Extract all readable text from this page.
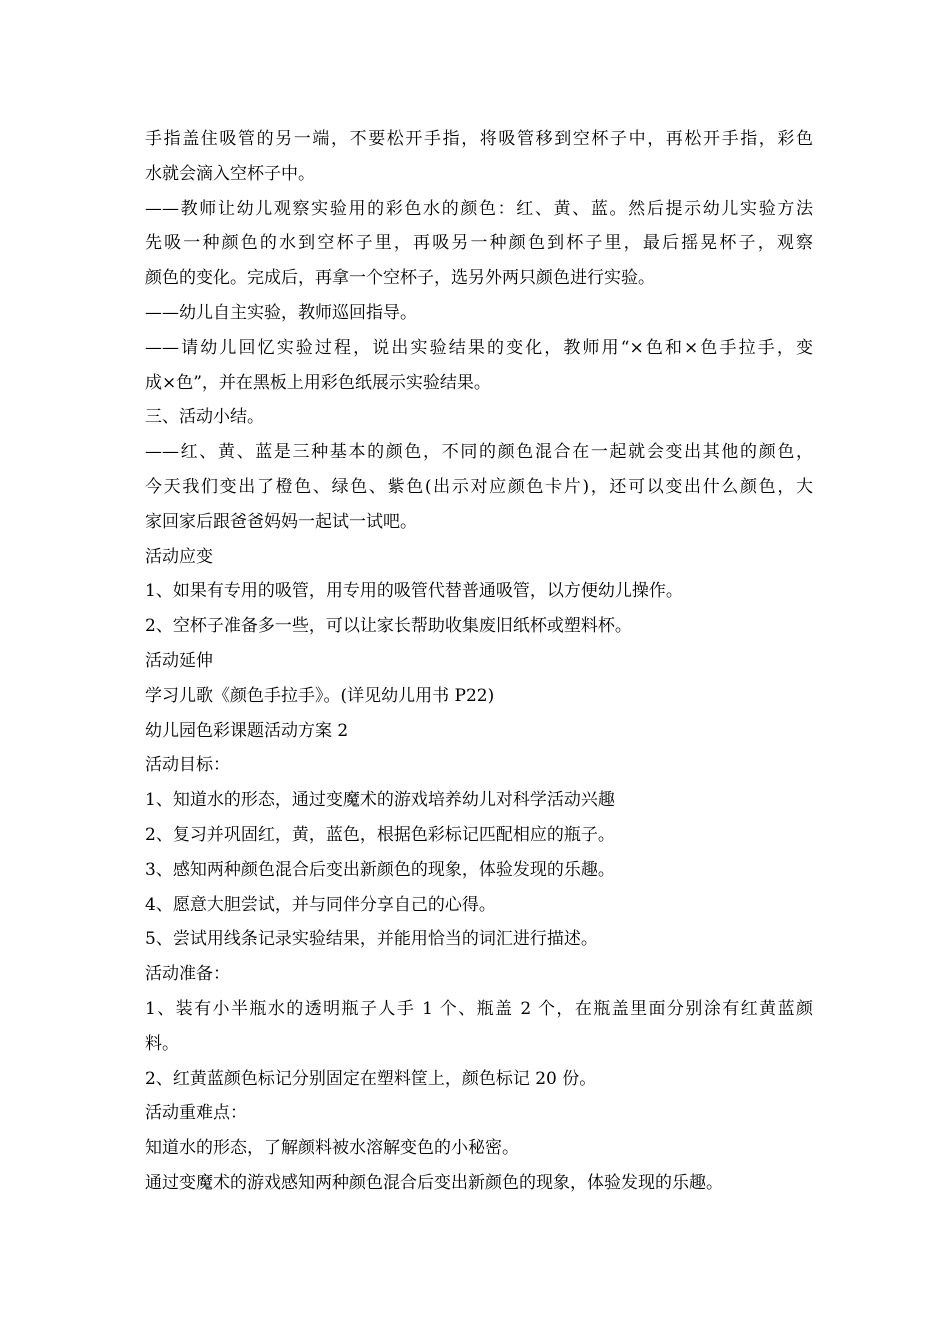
手指盖住吸管的另一端，不要松开手指，将吸管移到空杯子中，再松开手指，彩色
水就会滴入空杯子中。
——教师让幼儿观察实验用的彩色水的颜色：红、黄、蓝。然后提示幼儿实验方法
先吸一种颜色的水到空杯子里，再吸另一种颜色到杯子里，最后摇晃杯子，观察
颜色的变化。完成后，再拿一个空杯子，选另外两只颜色进行实验。
——幼儿自主实验，教师巡回指导。
——请幼儿回忆实验过程，说出实验结果的变化，教师用“×色和×色手拉手，变
成×色”，并在黑板上用彩色纸展示实验结果。
三、活动小结。
——红、黄、蓝是三种基本的颜色，不同的颜色混合在一起就会变出其他的颜色，
今天我们变出了橙色、绿色、紫色(出示对应颜色卡片)，还可以变出什么颜色，大
家回家后跟爸爸妈妈一起试一试吧。
活动应变
1、如果有专用的吸管，用专用的吸管代替普通吸管，以方便幼儿操作。
2、空杯子准备多一些，可以让家长帮助收集废旧纸杯或塑料杯。
活动延伸
学习儿歌《颜色手拉手》。(详见幼儿用书 P22)
幼儿园色彩课题活动方案 2
活动目标：
1、知道水的形态，通过变魔术的游戏培养幼儿对科学活动兴趣
2、复习并巩固红，黄，蓝色，根据色彩标记匹配相应的瓶子。
3、感知两种颜色混合后变出新颜色的现象，体验发现的乐趣。
4、愿意大胆尝试，并与同伴分享自己的心得。
5、尝试用线条记录实验结果，并能用恰当的词汇进行描述。
活动准备：
1、装有小半瓶水的透明瓶子人手 1 个、瓶盖 2 个，在瓶盖里面分别涂有红黄蓝颜
料。
2、红黄蓝颜色标记分别固定在塑料筐上，颜色标记 20 份。
活动重难点：
知道水的形态，了解颜料被水溶解变色的小秘密。
通过变魔术的游戏感知两种颜色混合后变出新颜色的现象，体验发现的乐趣。
